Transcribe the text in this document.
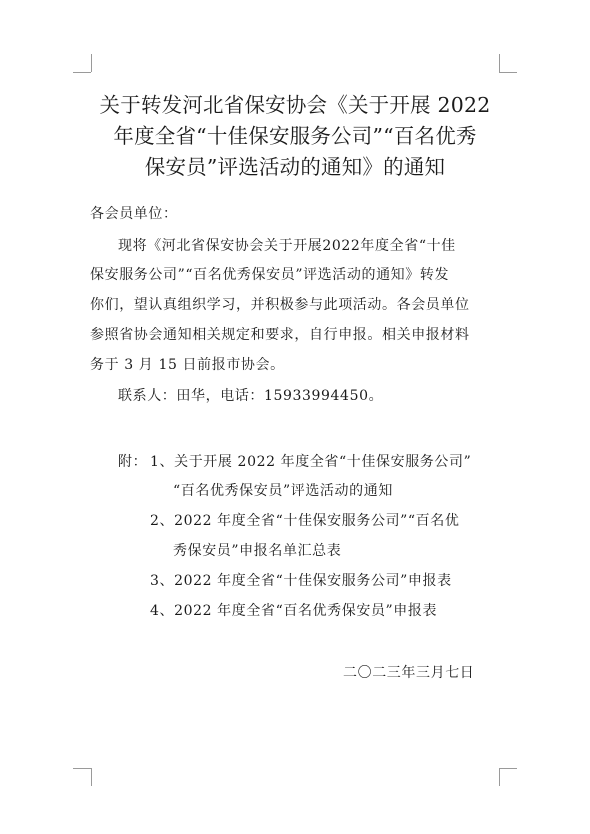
关于转发河北省保安协会《关于开展 2022
年度全省“十佳保安服务公司”“百名优秀
保安员”评选活动的通知》的通知
各会员单位：
现将《河北省保安协会关于开展2022年度全省“十佳
保安服务公司”“百名优秀保安员”评选活动的通知》转发
你们，望认真组织学习，并积极参与此项活动。各会员单位
参照省协会通知相关规定和要求，自行申报。相关申报材料
务于 3 月 15 日前报市协会。
联系人：田华，电话：15933994450。
附： 1、关于开展 2022 年度全省“十佳保安服务公司”
“百名优秀保安员”评选活动的通知
2、2022 年度全省“十佳保安服务公司”“百名优
秀保安员”申报名单汇总表
3、2022 年度全省“十佳保安服务公司”申报表
4、2022 年度全省“百名优秀保安员”申报表
二〇二三年三月七日
